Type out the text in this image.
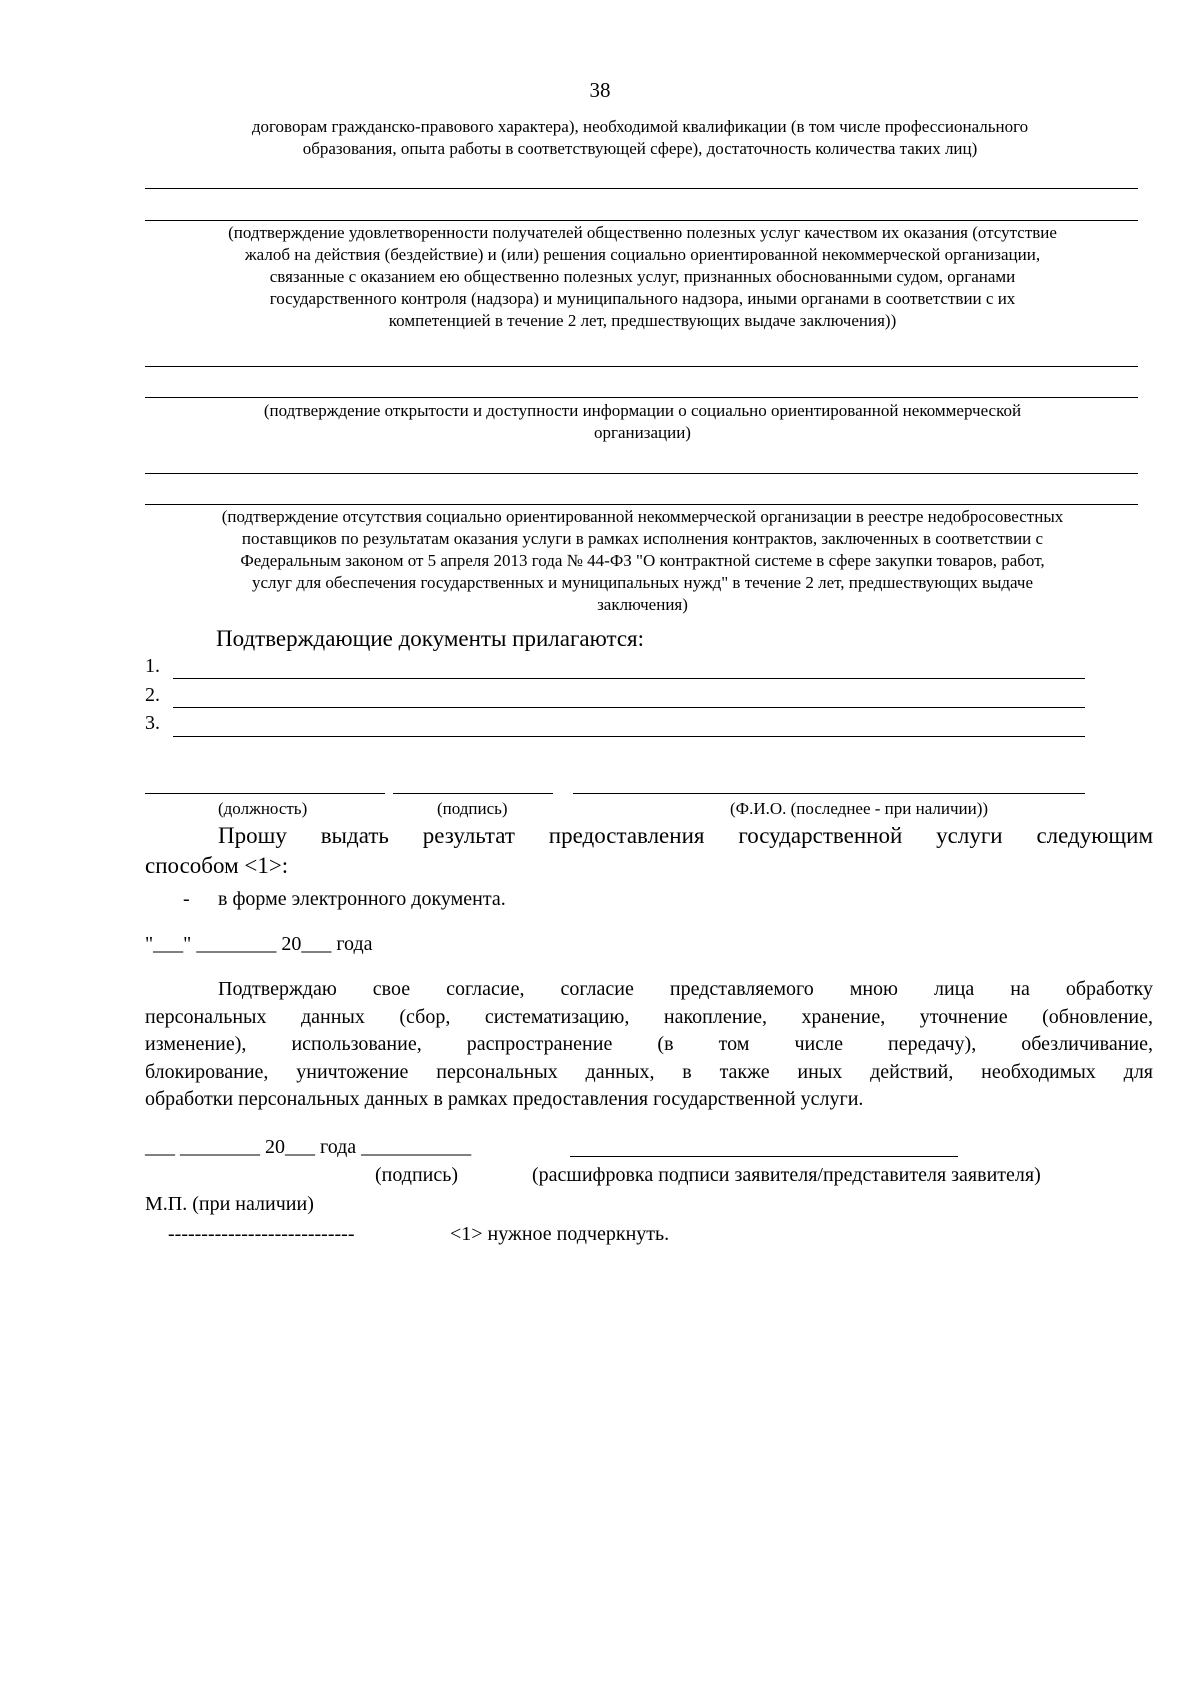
38
договорам гражданско-правового характера), необходимой квалификации (в том числе профессионального
образования, опыта работы в соответствующей сфере), достаточность количества таких лиц)
(подтверждение удовлетворенности получателей общественно полезных услуг качеством их оказания (отсутствие
жалоб на действия (бездействие) и (или) решения социально ориентированной некоммерческой организации,
связанные с оказанием ею общественно полезных услуг, признанных обоснованными судом, органами
государственного контроля (надзора) и муниципального надзора, иными органами в соответствии с их
компетенцией в течение 2 лет, предшествующих выдаче заключения))
(подтверждение открытости и доступности информации о социально ориентированной некоммерческой
организации)
(подтверждение отсутствия социально ориентированной некоммерческой организации в реестре недобросовестных
поставщиков по результатам оказания услуги в рамках исполнения контрактов, заключенных в соответствии с
Федеральным законом от 5 апреля 2013 года № 44-ФЗ "О контрактной системе в сфере закупки товаров, работ,
услуг для обеспечения государственных и муниципальных нужд" в течение 2 лет, предшествующих выдаче
заключения)
Подтверждающие документы прилагаются:
1.
2.
3.
(должность)	(подпись)	(Ф.И.О. (последнее - при наличии))
Прошу выдать результат предоставления государственной услуги следующим
способом <1>:
- в форме электронного документа.
"___" ________ 20___ года
Подтверждаю свое согласие, согласие представляемого мною лица на обработку
персональных данных (сбор, систематизацию, накопление, хранение, уточнение (обновление,
изменение), использование, распространение (в том числе передачу), обезличивание,
блокирование, уничтожение персональных данных, в также иных действий, необходимых для
обработки персональных данных в рамках предоставления государственной услуги.
___ ________ 20___ года ___________
(подпись)	(расшифровка подписи заявителя/представителя заявителя)
М.П. (при наличии)
----------------------------	<1> нужное подчеркнуть.
